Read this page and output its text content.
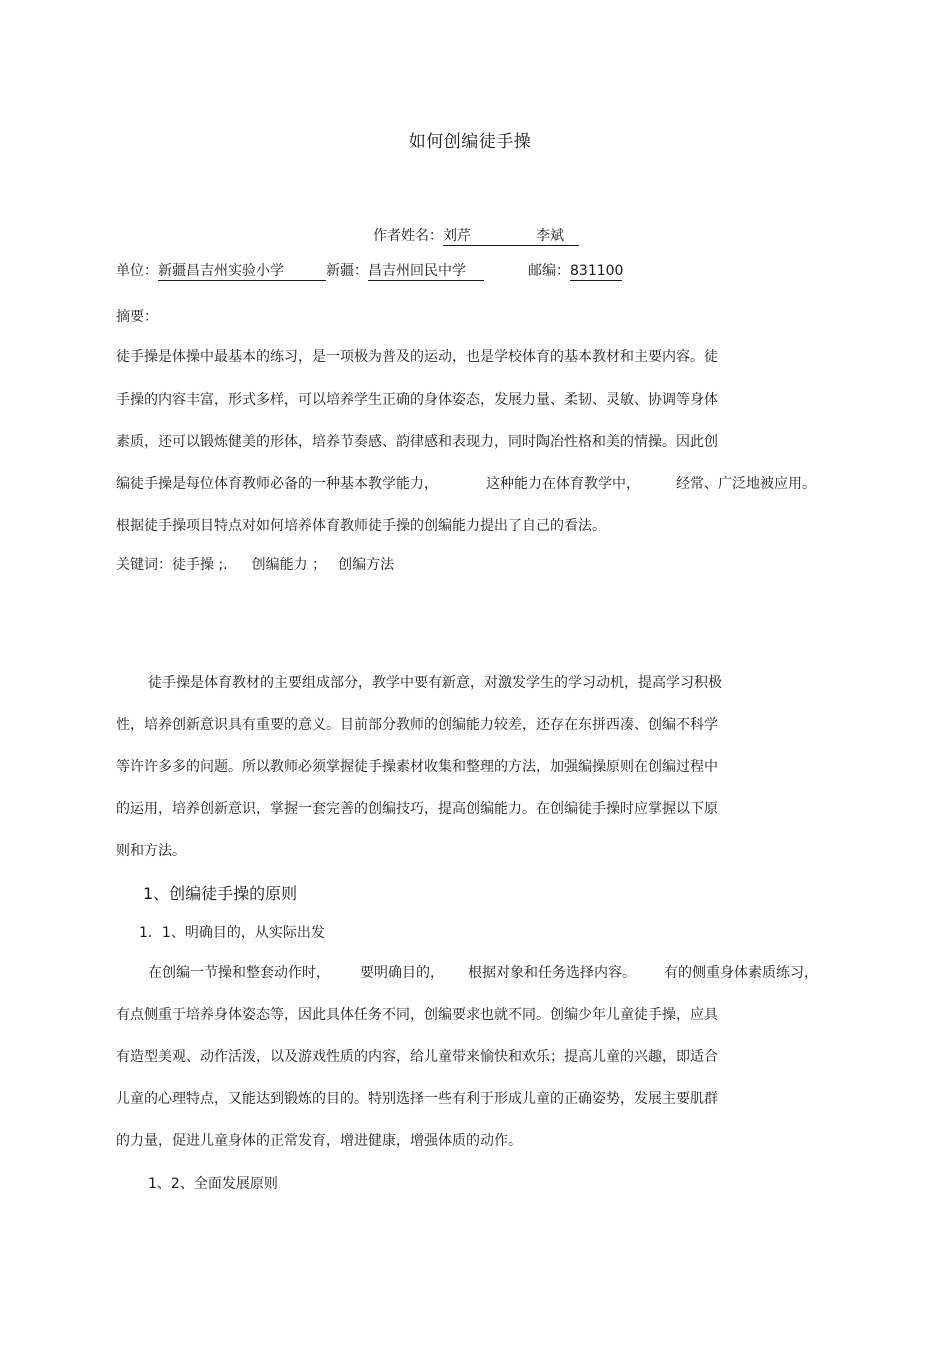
如何创编徒手操
作者姓名：刘芹	李斌
单位：新疆昌吉州实验小学	新疆：昌吉州回民中学	邮编：831100
摘要：
徒手操是体操中最基本的练习，是一项极为普及的运动，也是学校体育的基本教材和主要内容。徒
手操的内容丰富，形式多样，可以培养学生正确的身体姿态，发展力量、柔韧、灵敏、协调等身体
素质，还可以锻炼健美的形体，培养节奏感、韵律感和表现力，同时陶冶性格和美的情操。因此创
编徒手操是每位体育教师必备的一种基本教学能力，	这种能力在体育教学中，	经常、广泛地被应用。
根据徒手操项目特点对如何培养体育教师徒手操的创编能力提出了自己的看法。
关键词：徒手操 ;. 创编能力 ； 创编方法
徒手操是体育教材的主要组成部分，教学中要有新意，对激发学生的学习动机，提高学习积极
性，培养创新意识具有重要的意义。目前部分教师的创编能力较差，还存在东拼西凑、创编不科学
等许许多多的问题。所以教师必须掌握徒手操素材收集和整理的方法，加强编操原则在创编过程中
的运用，培养创新意识，掌握一套完善的创编技巧，提高创编能力。在创编徒手操时应掌握以下原
则和方法。
1、创编徒手操的原则
1．1、明确目的，从实际出发
在创编一节操和整套动作时， 要明确目的， 根据对象和任务选择内容。 有的侧重身体素质练习，
有点侧重于培养身体姿态等，因此具体任务不同，创编要求也就不同。创编少年儿童徒手操，应具
有造型美观、动作活泼，以及游戏性质的内容，给儿童带来愉快和欢乐；提高儿童的兴趣，即适合
儿童的心理特点，又能达到锻炼的目的。特别选择一些有利于形成儿童的正确姿势，发展主要肌群
的力量，促进儿童身体的正常发育，增进健康，增强体质的动作。
1、2、全面发展原则
